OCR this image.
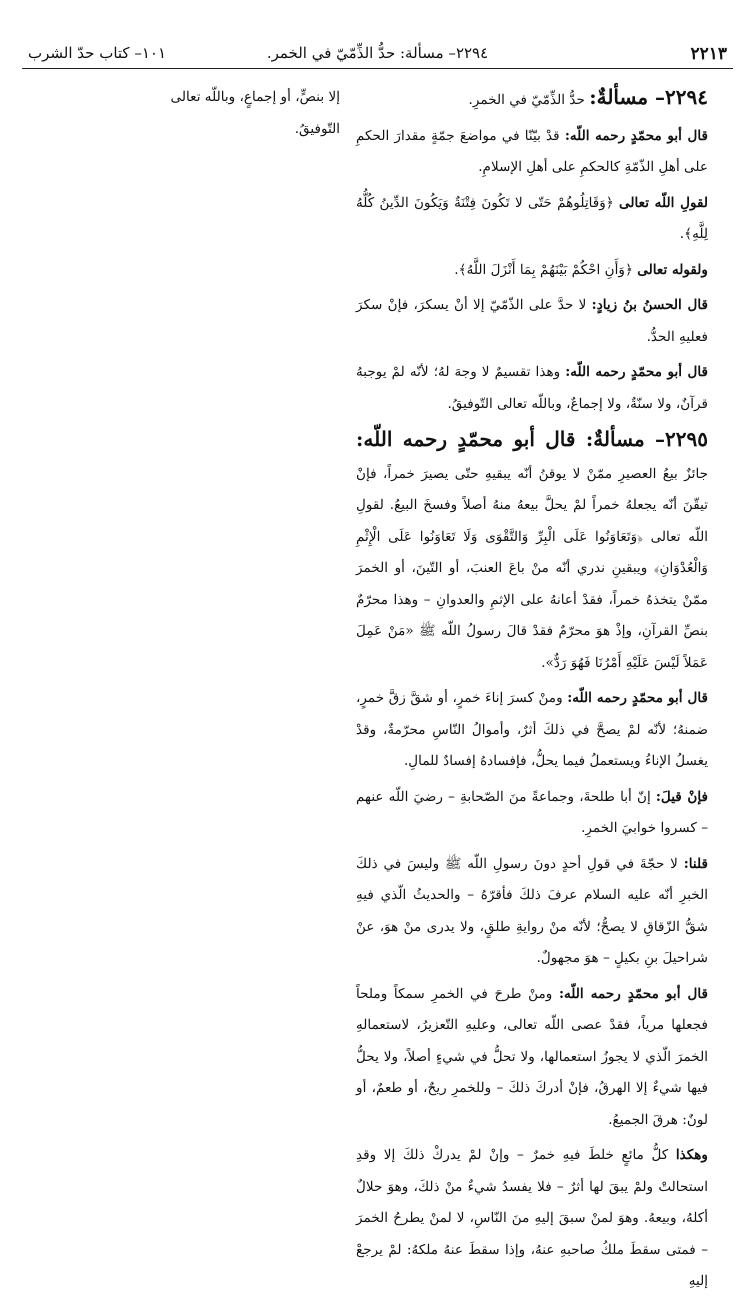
٢٢١٣
٢٢٩٤– مسألة: حدُّ الذِّمّيّ في الخمر.
١٠١– كتاب حدّ الشرب
إلا بنصٍّ، أو إجماعٍ، وباللّه تعالى التّوفيقُ.

٢٢٩٤– مسألةٌ: حدُّ الذِّمّيّ في الخمرِ.

قال أبو محمّدٍ رحمه اللّه: قدْ بيّنّا في مواضعَ جمّةٍ مقدارَ الحكمِ على أهلِ الذّمّةِ كالحكمِ على أهلِ الإسلامِ.

لقولِ اللّه تعالى ﴿وَقَاتِلُوهُمْ حَتّى لا تَكُونَ فِتْنَةٌ وَيَكُونَ الدِّينُ كُلُّهُ لِلَّهِ﴾.

ولقوله تعالى ﴿وَأَنِ احْكُمْ بَيْنَهُمْ بِمَا أَنْزَلَ اللَّهُ﴾.

قال الحسنُ بنُ زيادٍ: لا حدَّ على الذّمّيّ إلا أنْ يسكرَ، فإنْ سكرَ فعليهِ الحدُّ.

قال أبو محمّدٍ رحمه اللّه: وهذا تقسيمٌ لا وجهَ لهُ؛ لأنّه لمْ يوجبهُ قرآنٌ، ولا سنّةٌ، ولا إجماعٌ، وباللّه تعالى التّوفيقُ.

٢٢٩٥– مسألةٌ: قال أبو محمّدٍ رحمه اللّه: جائزٌ بيعُ العصيرِ ممّنْ لا يوقنُ أنّه يبقيهِ حتّى يصيرَ خمراً، فإنْ تيقّنَ أنّه يجعلهُ خمراً لمْ يحلَّ بيعهُ منهُ أصلاً وفسخَ البيعُ. لقولِ اللّه تعالى ﴿وَتَعَاوَنُوا عَلَى الْبِرِّ وَالتَّقْوَى وَلَا تَعَاوَنُوا عَلَى الْإِثْمِ وَالْعُدْوَانِ﴾ ويبقينِ ندري أنّه منْ باعَ العنبَ، أو التّينَ، أو الخمرَ ممّنْ يتخذهُ خمراً، فقدْ أعانهُ على الإثمِ والعدوانِ – وهذا محرّمٌ بنصِّ القرآنِ، وإذْ هوَ محرّمٌ فقدْ قالَ رسولُ اللّه ﷺ «مَنْ عَمِلَ عَمَلاً لَيْسَ عَلَيْهِ أَمْرُنَا فَهُوَ رَدٌّ».

قال أبو محمّدٍ رحمه اللّه: ومنْ كسرَ إناءَ خمرٍ، أو شقَّ زقَّ خمرٍ، ضمنهُ؛ لأنّه لمْ يصحَّ في ذلكَ أثرٌ، وأموالُ النّاسِ محرّمةٌ، وقدْ يغسلُ الإناءُ ويستعملُ فيما يحلُّ، فإفسادهُ إفسادٌ للمالِ.

فإنْ قيلَ: إنّ أبا طلحةَ، وجماعةً منَ الصّحابةِ – رضيَ اللّه عنهم – كسروا خوابيَ الخمرِ.

قلنا: لا حجّةَ في قولِ أحدٍ دونَ رسولِ اللّه ﷺ وليسَ في ذلكَ الخبرِ أنّه عليه السلام عرفَ ذلكَ فأقرّهُ – والحديثُ الّذي فيهِ شقُّ الزّقاقِ لا يصحُّ؛ لأنّه منْ روايةِ طلقٍ، ولا يدرى منْ هوَ، عنْ شراحيلَ بنِ بكيلٍ – هوَ مجهولٌ.

قال أبو محمّدٍ رحمه اللّه: ومنْ طرحَ في الخمرِ سمكاً وملحاً فجعلها مرياً، فقدْ عصى اللّه تعالى، وعليهِ التّعزيرُ، لاستعمالهِ الخمرَ الّذي لا يجوزُ استعمالها، ولا تحلُّ في شيءٍ أصلاً، ولا يحلُّ فيها شيءٌ إلا الهرقُ، فإنْ أدركَ ذلكَ – وللخمرِ ريحٌ، أو طعمٌ، أو لونٌ: هرقَ الجميعُ.

وهكذا كلُّ مائعٍ خلطَ فيهِ خمرٌ – وإنْ لمْ يدركْ ذلكَ إلا وقدِ استحالتْ ولمْ يبقَ لها أثرٌ – فلا يفسدُ شيءٌ منْ ذلكَ، وهوَ حلالٌ أكلهُ، وبيعهُ. وهوَ لمنْ سبقَ إليهِ منَ النّاسِ، لا لمنْ يطرحُ الخمرَ – فمتى سقطَ ملكُ صاحبهِ عنهُ، وإذا سقطَ عنهُ ملكهُ: لمْ يرجعْ إليهِ
